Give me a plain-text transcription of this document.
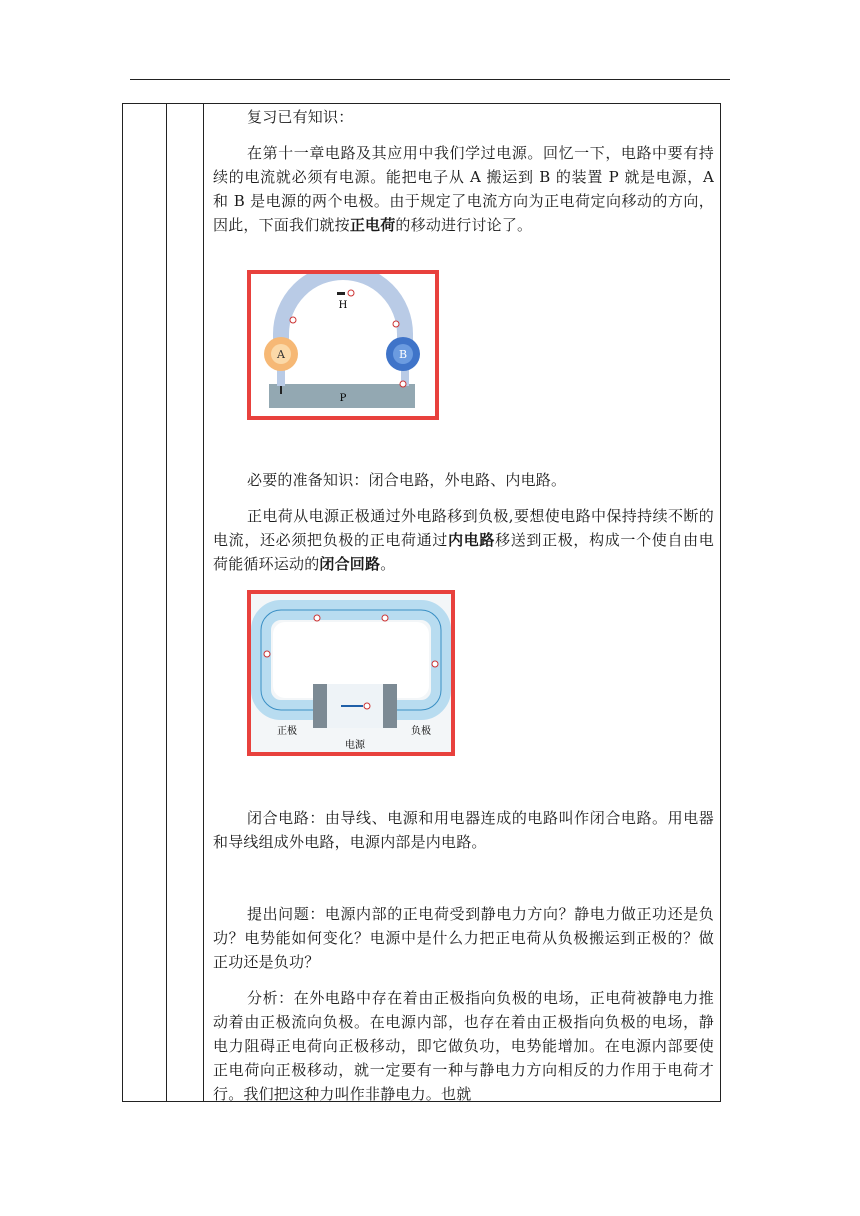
复习已有知识：

在第十一章电路及其应用中我们学过电源。回忆一下，电路中要有持续的电流就必须有电源。能把电子从 A 搬运到 B 的装置 P 就是电源，A 和 B 是电源的两个电极。由于规定了电流方向为正电荷定向移动的方向，因此，下面我们就按正电荷的移动进行讨论了。

H
A	B
P

必要的准备知识：闭合电路，外电路、内电路。

正电荷从电源正极通过外电路移到负极,要想使电路中保持持续不断的电流，还必须把负极的正电荷通过内电路移送到正极，构成一个使自由电荷能循环运动的闭合回路。

正极	负极
电源

闭合电路：由导线、电源和用电器连成的电路叫作闭合电路。用电器和导线组成外电路，电源内部是内电路。

提出问题：电源内部的正电荷受到静电力方向？静电力做正功还是负功？电势能如何变化？电源中是什么力把正电荷从负极搬运到正极的？做正功还是负功？

分析：在外电路中存在着由正极指向负极的电场，正电荷被静电力推动着由正极流向负极。在电源内部，也存在着由正极指向负极的电场，静电力阻碍正电荷向正极移动，即它做负功，电势能增加。在电源内部要使正电荷向正极移动，就一定要有一种与静电力方向相反的力作用于电荷才行。我们把这种力叫作非静电力。也就
